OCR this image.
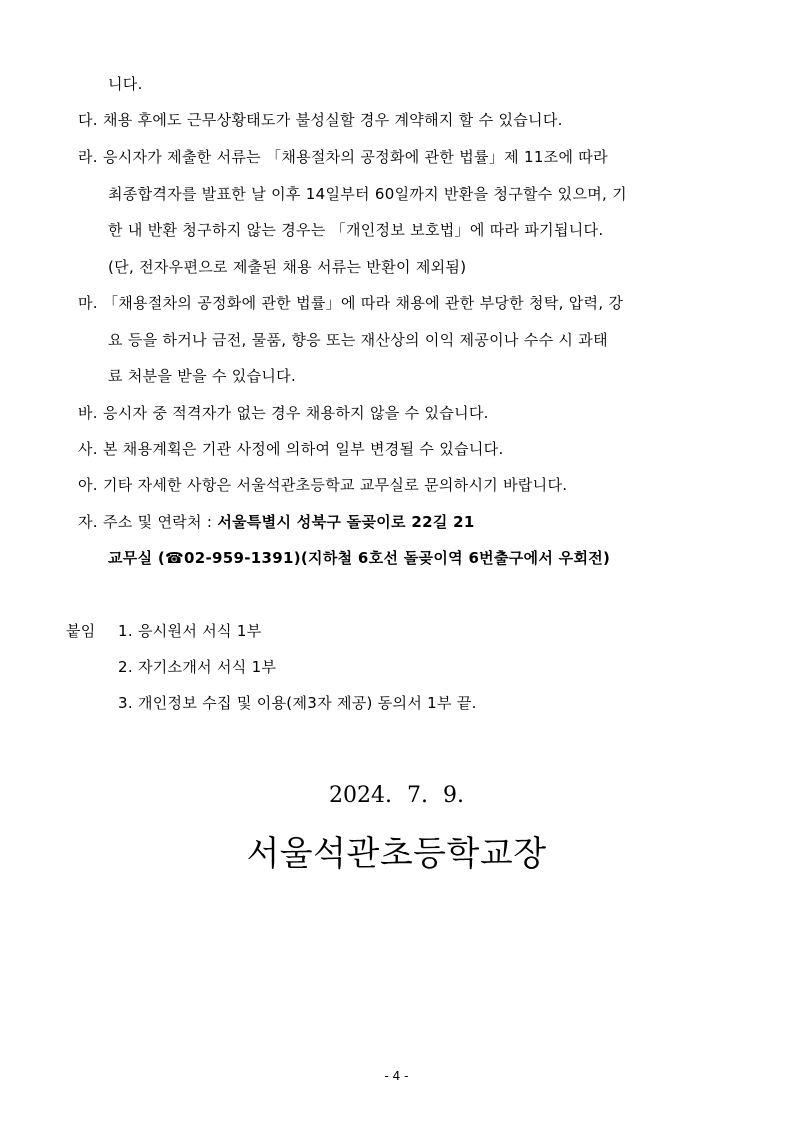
니다.
다. 채용 후에도 근무상황태도가 불성실할 경우 계약해지 할 수 있습니다.
라. 응시자가 제출한 서류는 「채용절차의 공정화에 관한 법률」제 11조에 따라
최종합격자를 발표한 날 이후 14일부터 60일까지 반환을 청구할수 있으며, 기
한 내 반환 청구하지 않는 경우는 「개인정보 보호법」에 따라 파기됩니다.
(단, 전자우편으로 제출된 채용 서류는 반환이 제외됨)
마. 「채용절차의 공정화에 관한 법률」에 따라 채용에 관한 부당한 청탁, 압력, 강
요 등을 하거나 금전, 물품, 향응 또는 재산상의 이익 제공이나 수수 시 과태
료 처분을 받을 수 있습니다.
바. 응시자 중 적격자가 없는 경우 채용하지 않을 수 있습니다.
사. 본 채용계획은 기관 사정에 의하여 일부 변경될 수 있습니다.
아. 기타 자세한 사항은 서울석관초등학교 교무실로 문의하시기 바랍니다.
자. 주소 및 연락처 : 서울특별시 성북구 돌곶이로 22길 21
교무실 (☎02-959-1391)(지하철 6호선 돌곶이역 6번출구에서 우회전)
붙임 1. 응시원서 서식 1부
2. 자기소개서 서식 1부
3. 개인정보 수집 및 이용(제3자 제공) 동의서 1부 끝.
2024. 7. 9.
서울석관초등학교장
- 4 -
